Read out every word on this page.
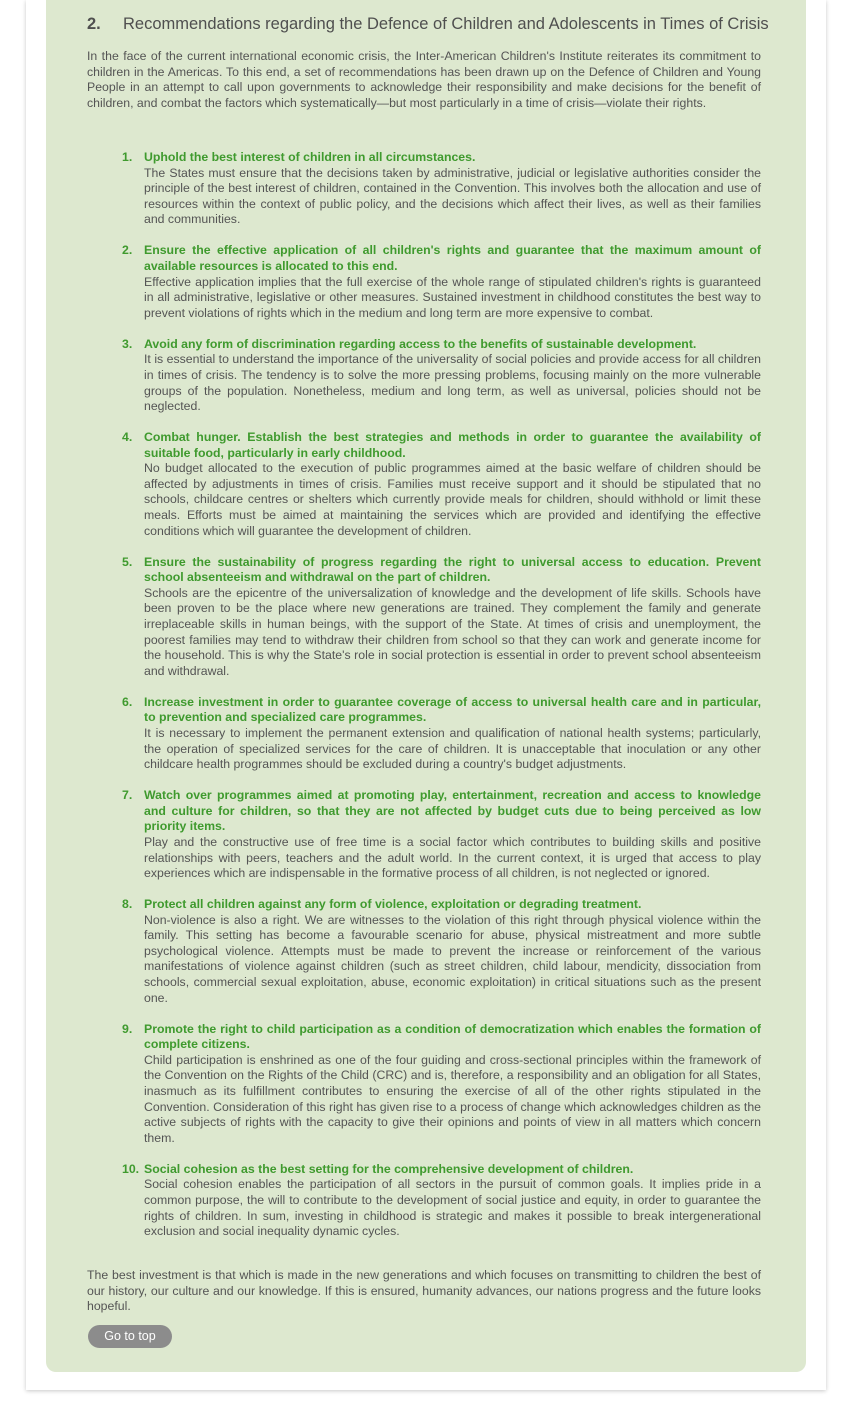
2. Recommendations regarding the Defence of Children and Adolescents in Times of Crisis

In the face of the current international economic crisis, the Inter-American Children's Institute reiterates its commitment to children in the Americas. To this end, a set of recommendations has been drawn up on the Defence of Children and Young People in an attempt to call upon governments to acknowledge their responsibility and make decisions for the benefit of children, and combat the factors which systematically—but most particularly in a time of crisis—violate their rights.

1. Uphold the best interest of children in all circumstances.

The States must ensure that the decisions taken by administrative, judicial or legislative authorities consider the principle of the best interest of children, contained in the Convention. This involves both the allocation and use of resources within the context of public policy, and the decisions which affect their lives, as well as their families and communities.

2. Ensure the effective application of all children's rights and guarantee that the maximum amount of available resources is allocated to this end.

Effective application implies that the full exercise of the whole range of stipulated children's rights is guaranteed in all administrative, legislative or other measures. Sustained investment in childhood constitutes the best way to prevent violations of rights which in the medium and long term are more expensive to combat.

3. Avoid any form of discrimination regarding access to the benefits of sustainable development.

It is essential to understand the importance of the universality of social policies and provide access for all children in times of crisis. The tendency is to solve the more pressing problems, focusing mainly on the more vulnerable groups of the population. Nonetheless, medium and long term, as well as universal, policies should not be neglected.

4. Combat hunger. Establish the best strategies and methods in order to guarantee the availability of suitable food, particularly in early childhood.

No budget allocated to the execution of public programmes aimed at the basic welfare of children should be affected by adjustments in times of crisis. Families must receive support and it should be stipulated that no schools, childcare centres or shelters which currently provide meals for children, should withhold or limit these meals. Efforts must be aimed at maintaining the services which are provided and identifying the effective conditions which will guarantee the development of children.

5. Ensure the sustainability of progress regarding the right to universal access to education. Prevent school absenteeism and withdrawal on the part of children.

Schools are the epicentre of the universalization of knowledge and the development of life skills. Schools have been proven to be the place where new generations are trained. They complement the family and generate irreplaceable skills in human beings, with the support of the State. At times of crisis and unemployment, the poorest families may tend to withdraw their children from school so that they can work and generate income for the household. This is why the State's role in social protection is essential in order to prevent school absenteeism and withdrawal.

6. Increase investment in order to guarantee coverage of access to universal health care and in particular, to prevention and specialized care programmes.

It is necessary to implement the permanent extension and qualification of national health systems; particularly, the operation of specialized services for the care of children. It is unacceptable that inoculation or any other childcare health programmes should be excluded during a country's budget adjustments.

7. Watch over programmes aimed at promoting play, entertainment, recreation and access to knowledge and culture for children, so that they are not affected by budget cuts due to being perceived as low priority items.

Play and the constructive use of free time is a social factor which contributes to building skills and positive relationships with peers, teachers and the adult world. In the current context, it is urged that access to play experiences which are indispensable in the formative process of all children, is not neglected or ignored.

8. Protect all children against any form of violence, exploitation or degrading treatment.

Non-violence is also a right. We are witnesses to the violation of this right through physical violence within the family. This setting has become a favourable scenario for abuse, physical mistreatment and more subtle psychological violence. Attempts must be made to prevent the increase or reinforcement of the various manifestations of violence against children (such as street children, child labour, mendicity, dissociation from schools, commercial sexual exploitation, abuse, economic exploitation) in critical situations such as the present one.

9. Promote the right to child participation as a condition of democratization which enables the formation of complete citizens.

Child participation is enshrined as one of the four guiding and cross-sectional principles within the framework of the Convention on the Rights of the Child (CRC) and is, therefore, a responsibility and an obligation for all States, inasmuch as its fulfillment contributes to ensuring the exercise of all of the other rights stipulated in the Convention. Consideration of this right has given rise to a process of change which acknowledges children as the active subjects of rights with the capacity to give their opinions and points of view in all matters which concern them.

10. Social cohesion as the best setting for the comprehensive development of children.

Social cohesion enables the participation of all sectors in the pursuit of common goals. It implies pride in a common purpose, the will to contribute to the development of social justice and equity, in order to guarantee the rights of children. In sum, investing in childhood is strategic and makes it possible to break intergenerational exclusion and social inequality dynamic cycles.

The best investment is that which is made in the new generations and which focuses on transmitting to children the best of our history, our culture and our knowledge. If this is ensured, humanity advances, our nations progress and the future looks hopeful.

Go to top
